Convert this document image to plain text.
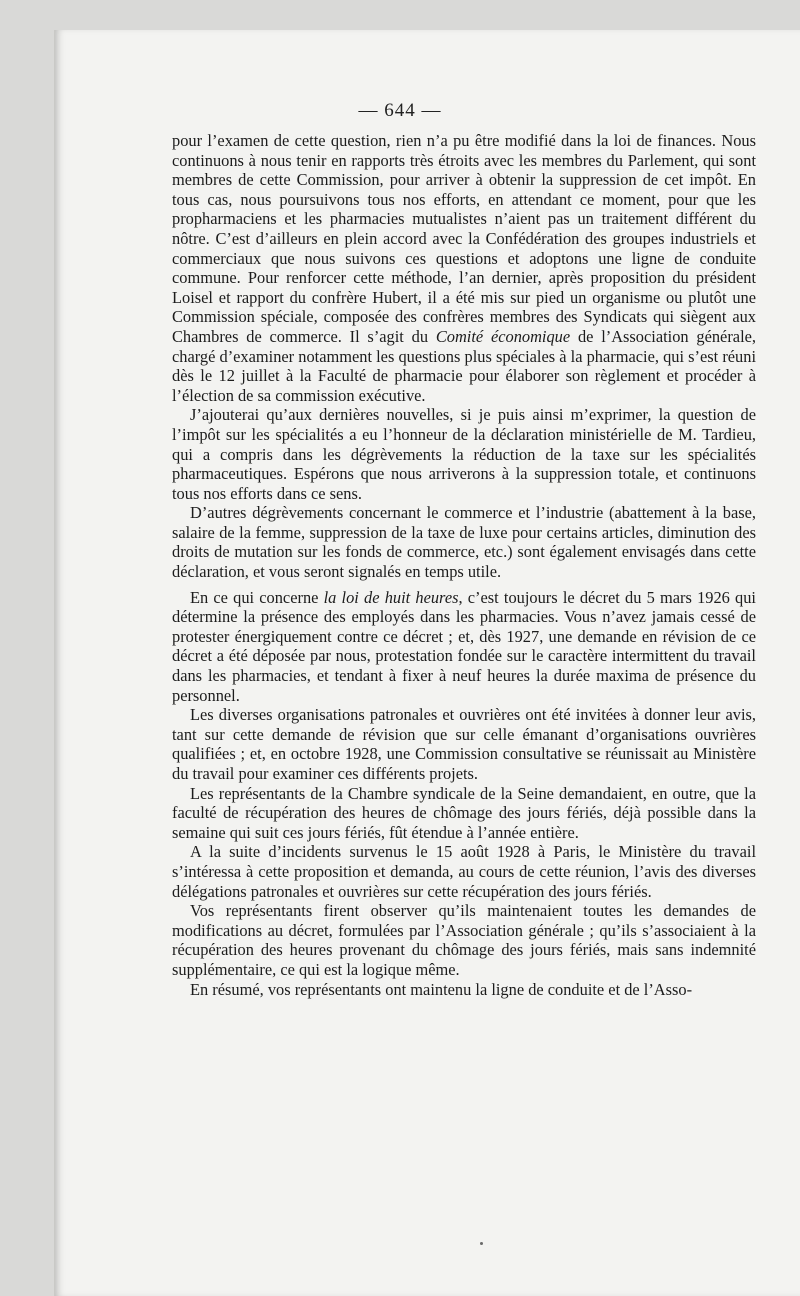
— 644 —

pour l’examen de cette question, rien n’a pu être modifié dans la loi de finances. Nous continuons à nous tenir en rapports très étroits avec les membres du Parlement, qui sont membres de cette Commission, pour arriver à obtenir la suppression de cet impôt. En tous cas, nous poursuivons tous nos efforts, en attendant ce moment, pour que les propharmaciens et les pharmacies mutualistes n’aient pas un traitement différent du nôtre. C’est d’ailleurs en plein accord avec la Confédération des groupes industriels et commerciaux que nous suivons ces questions et adoptons une ligne de conduite commune. Pour renforcer cette méthode, l’an dernier, après proposition du président Loisel et rapport du confrère Hubert, il a été mis sur pied un organisme ou plutôt une Commission spéciale, composée des confrères membres des Syndicats qui siègent aux Chambres de commerce. Il s’agit du Comité économique de l’Association générale, chargé d’examiner notamment les questions plus spéciales à la pharmacie, qui s’est réuni dès le 12 juillet à la Faculté de pharmacie pour élaborer son règlement et procéder à l’élection de sa commission exécutive.

J’ajouterai qu’aux dernières nouvelles, si je puis ainsi m’exprimer, la question de l’impôt sur les spécialités a eu l’honneur de la déclaration ministérielle de M. Tardieu, qui a compris dans les dégrèvements la réduction de la taxe sur les spécialités pharmaceutiques. Espérons que nous arriverons à la suppression totale, et continuons tous nos efforts dans ce sens.

D’autres dégrèvements concernant le commerce et l’industrie (abattement à la base, salaire de la femme, suppression de la taxe de luxe pour certains articles, diminution des droits de mutation sur les fonds de commerce, etc.) sont également envisagés dans cette déclaration, et vous seront signalés en temps utile.

En ce qui concerne la loi de huit heures, c’est toujours le décret du 5 mars 1926 qui détermine la présence des employés dans les pharmacies. Vous n’avez jamais cessé de protester énergiquement contre ce décret ; et, dès 1927, une demande en révision de ce décret a été déposée par nous, protestation fondée sur le caractère intermittent du travail dans les pharmacies, et tendant à fixer à neuf heures la durée maxima de présence du personnel.

Les diverses organisations patronales et ouvrières ont été invitées à donner leur avis, tant sur cette demande de révision que sur celle émanant d’organisations ouvrières qualifiées ; et, en octobre 1928, une Commission consultative se réunissait au Ministère du travail pour examiner ces différents projets.

Les représentants de la Chambre syndicale de la Seine demandaient, en outre, que la faculté de récupération des heures de chômage des jours fériés, déjà possible dans la semaine qui suit ces jours fériés, fût étendue à l’année entière.

A la suite d’incidents survenus le 15 août 1928 à Paris, le Ministère du travail s’intéressa à cette proposition et demanda, au cours de cette réunion, l’avis des diverses délégations patronales et ouvrières sur cette récupération des jours fériés.

Vos représentants firent observer qu’ils maintenaient toutes les demandes de modifications au décret, formulées par l’Association générale ; qu’ils s’associaient à la récupération des heures provenant du chômage des jours fériés, mais sans indemnité supplémentaire, ce qui est la logique même.

En résumé, vos représentants ont maintenu la ligne de conduite et de l’Asso-
